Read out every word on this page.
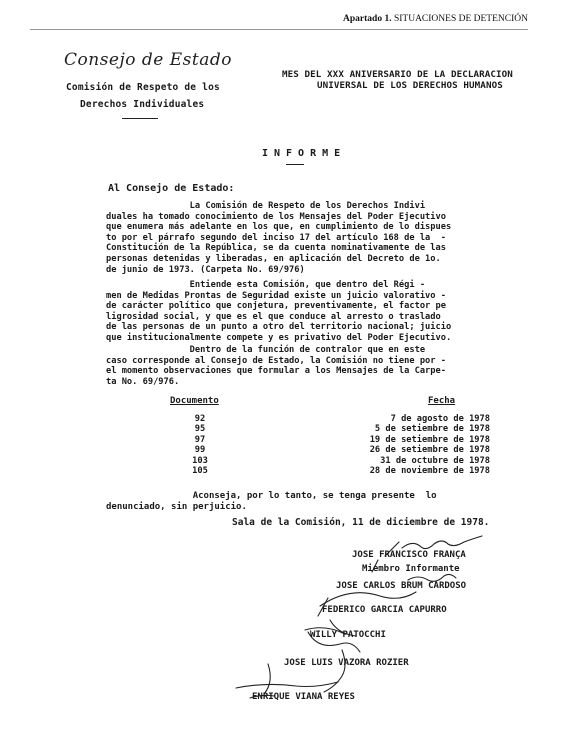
Apartado 1. SITUACIONES DE DETENCIÓN
Consejo de Estado
Comisión de Respeto de los
Derechos Individuales
MES DEL XXX ANIVERSARIO DE LA DECLARACION
UNIVERSAL DE LOS DERECHOS HUMANOS
INFORME
Al Consejo de Estado:

La Comisión de Respeto de los Derechos Indivi
duales ha tomado conocimiento de los Mensajes del Poder Ejecutivo
que enumera más adelante en los que, en cumplimiento de lo dispues
to por el párrafo segundo del inciso 17 del artículo 168 de la  -
Constitución de la República, se da cuenta nominativamente de las
personas detenidas y liberadas, en aplicación del Decreto de 1o.
de junio de 1973. (Carpeta No. 69/976)

Entiende esta Comisión, que dentro del Régi -
men de Medidas Prontas de Seguridad existe un juicio valorativo -
de carácter político que conjetura, preventivamente, el factor pe
ligrosidad social, y que es el que conduce al arresto o traslado
de las personas de un punto a otro del territorio nacional; juicio
que institucionalmente compete y es privativo del Poder Ejecutivo.

Dentro de la función de contralor que en este
caso corresponde al Consejo de Estado, la Comisión no tiene por -
el momento observaciones que formular a los Mensajes de la Carpe-
ta No. 69/976.

Documento	Fecha
92		7 de agosto de 1978
95		5 de setiembre de 1978
97		19 de setiembre de 1978
99		26 de setiembre de 1978
103		31 de octubre de 1978
105		28 de noviembre de 1978
Aconseja, por lo tanto, se tenga presente  lo
denunciado, sin perjuicio.
Sala de la Comisión, 11 de diciembre de 1978.
JOSE FRANCISCO FRANÇA
Miembro Informante
JOSE CARLOS BRUM CARDOSO
FEDERICO GARCIA CAPURRO
WILLY PATOCCHI
JOSE LUIS VAZORA ROZIER
ENRIQUE VIANA REYES
